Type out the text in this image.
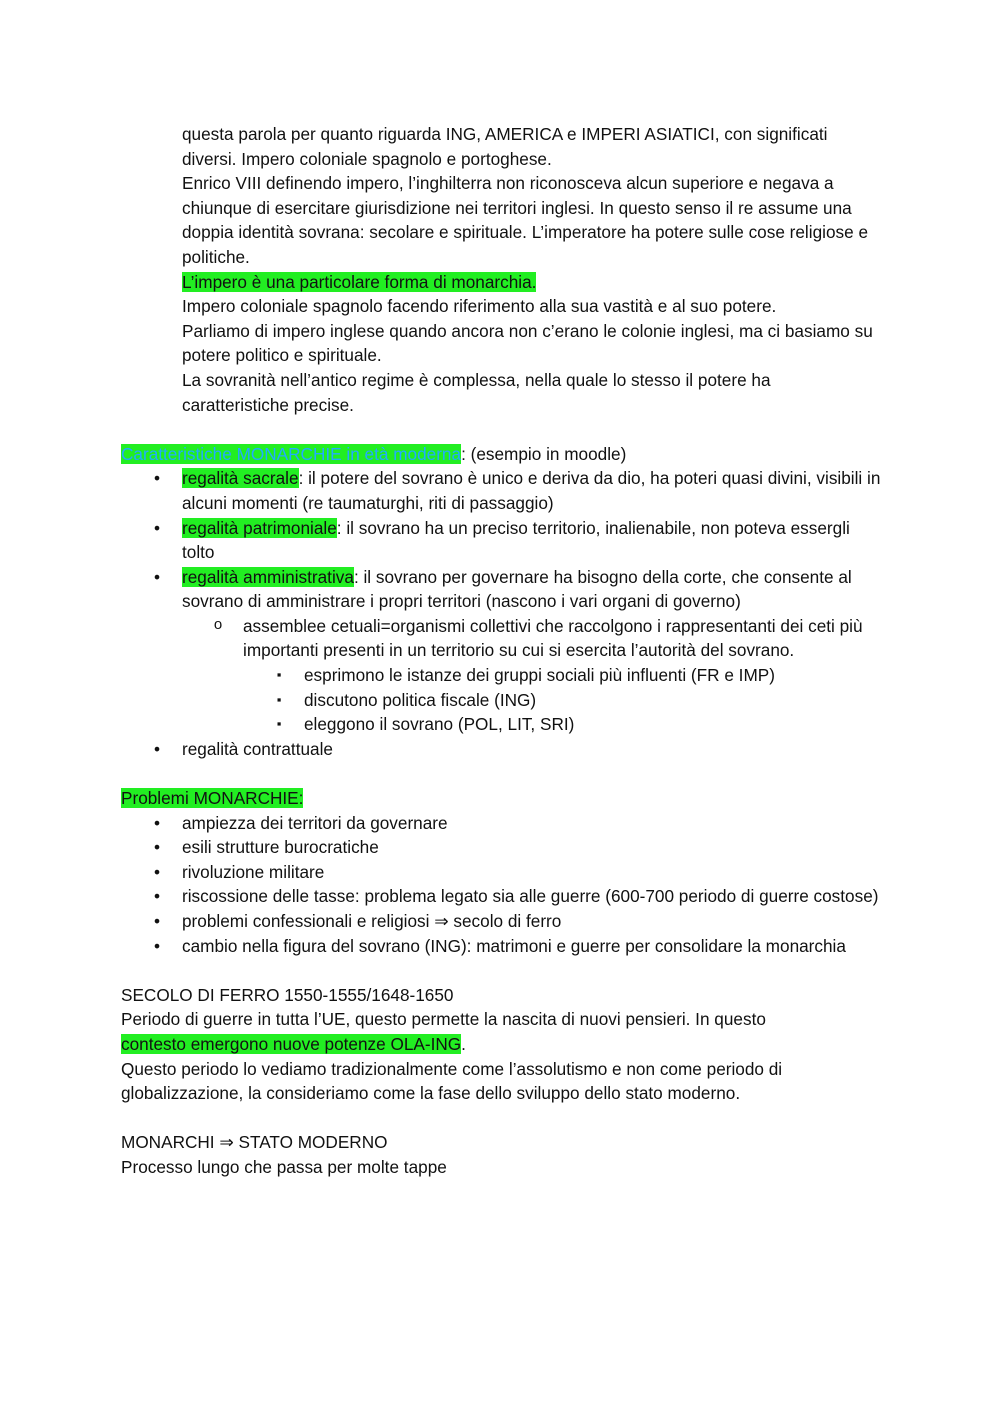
questa parola per quanto riguarda ING, AMERICA e IMPERI ASIATICI, con significati diversi. Impero coloniale spagnolo e portoghese.

Enrico VIII definendo impero, l’inghilterra non riconosceva alcun superiore e negava a chiunque di esercitare giurisdizione nei territori inglesi. In questo senso il re assume una doppia identità sovrana: secolare e spirituale. L’imperatore ha potere sulle cose religiose e politiche.

L’impero è una particolare forma di monarchia.

Impero coloniale spagnolo facendo riferimento alla sua vastità e al suo potere.

Parliamo di impero inglese quando ancora non c’erano le colonie inglesi, ma ci basiamo su potere politico e spirituale.

La sovranità nell’antico regime è complessa, nella quale lo stesso il potere ha caratteristiche precise.

Caratteristiche MONARCHIE in età moderna: (esempio in moodle)

•	regalità sacrale: il potere del sovrano è unico e deriva da dio, ha poteri quasi divini, visibili in alcuni momenti (re taumaturghi, riti di passaggio)
•	regalità patrimoniale: il sovrano ha un preciso territorio, inalienabile, non poteva essergli tolto
•	regalità amministrativa: il sovrano per governare ha bisogno della corte, che consente al sovrano di amministrare i propri territori (nascono i vari organi di governo)
o assemblee cetuali=organismi collettivi che raccolgono i rappresentanti dei ceti più importanti presenti in un territorio su cui si esercita l’autorità del sovrano.
▪	esprimono le istanze dei gruppi sociali più influenti (FR e IMP)
▪	discutono politica fiscale (ING)
▪	eleggono il sovrano (POL, LIT, SRI)
•	regalità contrattuale

Problemi MONARCHIE:

•	ampiezza dei territori da governare
•	esili strutture burocratiche
•	rivoluzione militare
•	riscossione delle tasse: problema legato sia alle guerre (600-700 periodo di guerre costose)
•	problemi confessionali e religiosi ⇒ secolo di ferro
•	cambio nella figura del sovrano (ING): matrimoni e guerre per consolidare la monarchia

SECOLO DI FERRO 1550-1555/1648-1650

Periodo di guerre in tutta l’UE, questo permette la nascita di nuovi pensieri. In questo
contesto emergono nuove potenze OLA-ING.

Questo periodo lo vediamo tradizionalmente come l’assolutismo e non come periodo di globalizzazione, la consideriamo come la fase dello sviluppo dello stato moderno.

MONARCHI ⇒ STATO MODERNO

Processo lungo che passa per molte tappe
